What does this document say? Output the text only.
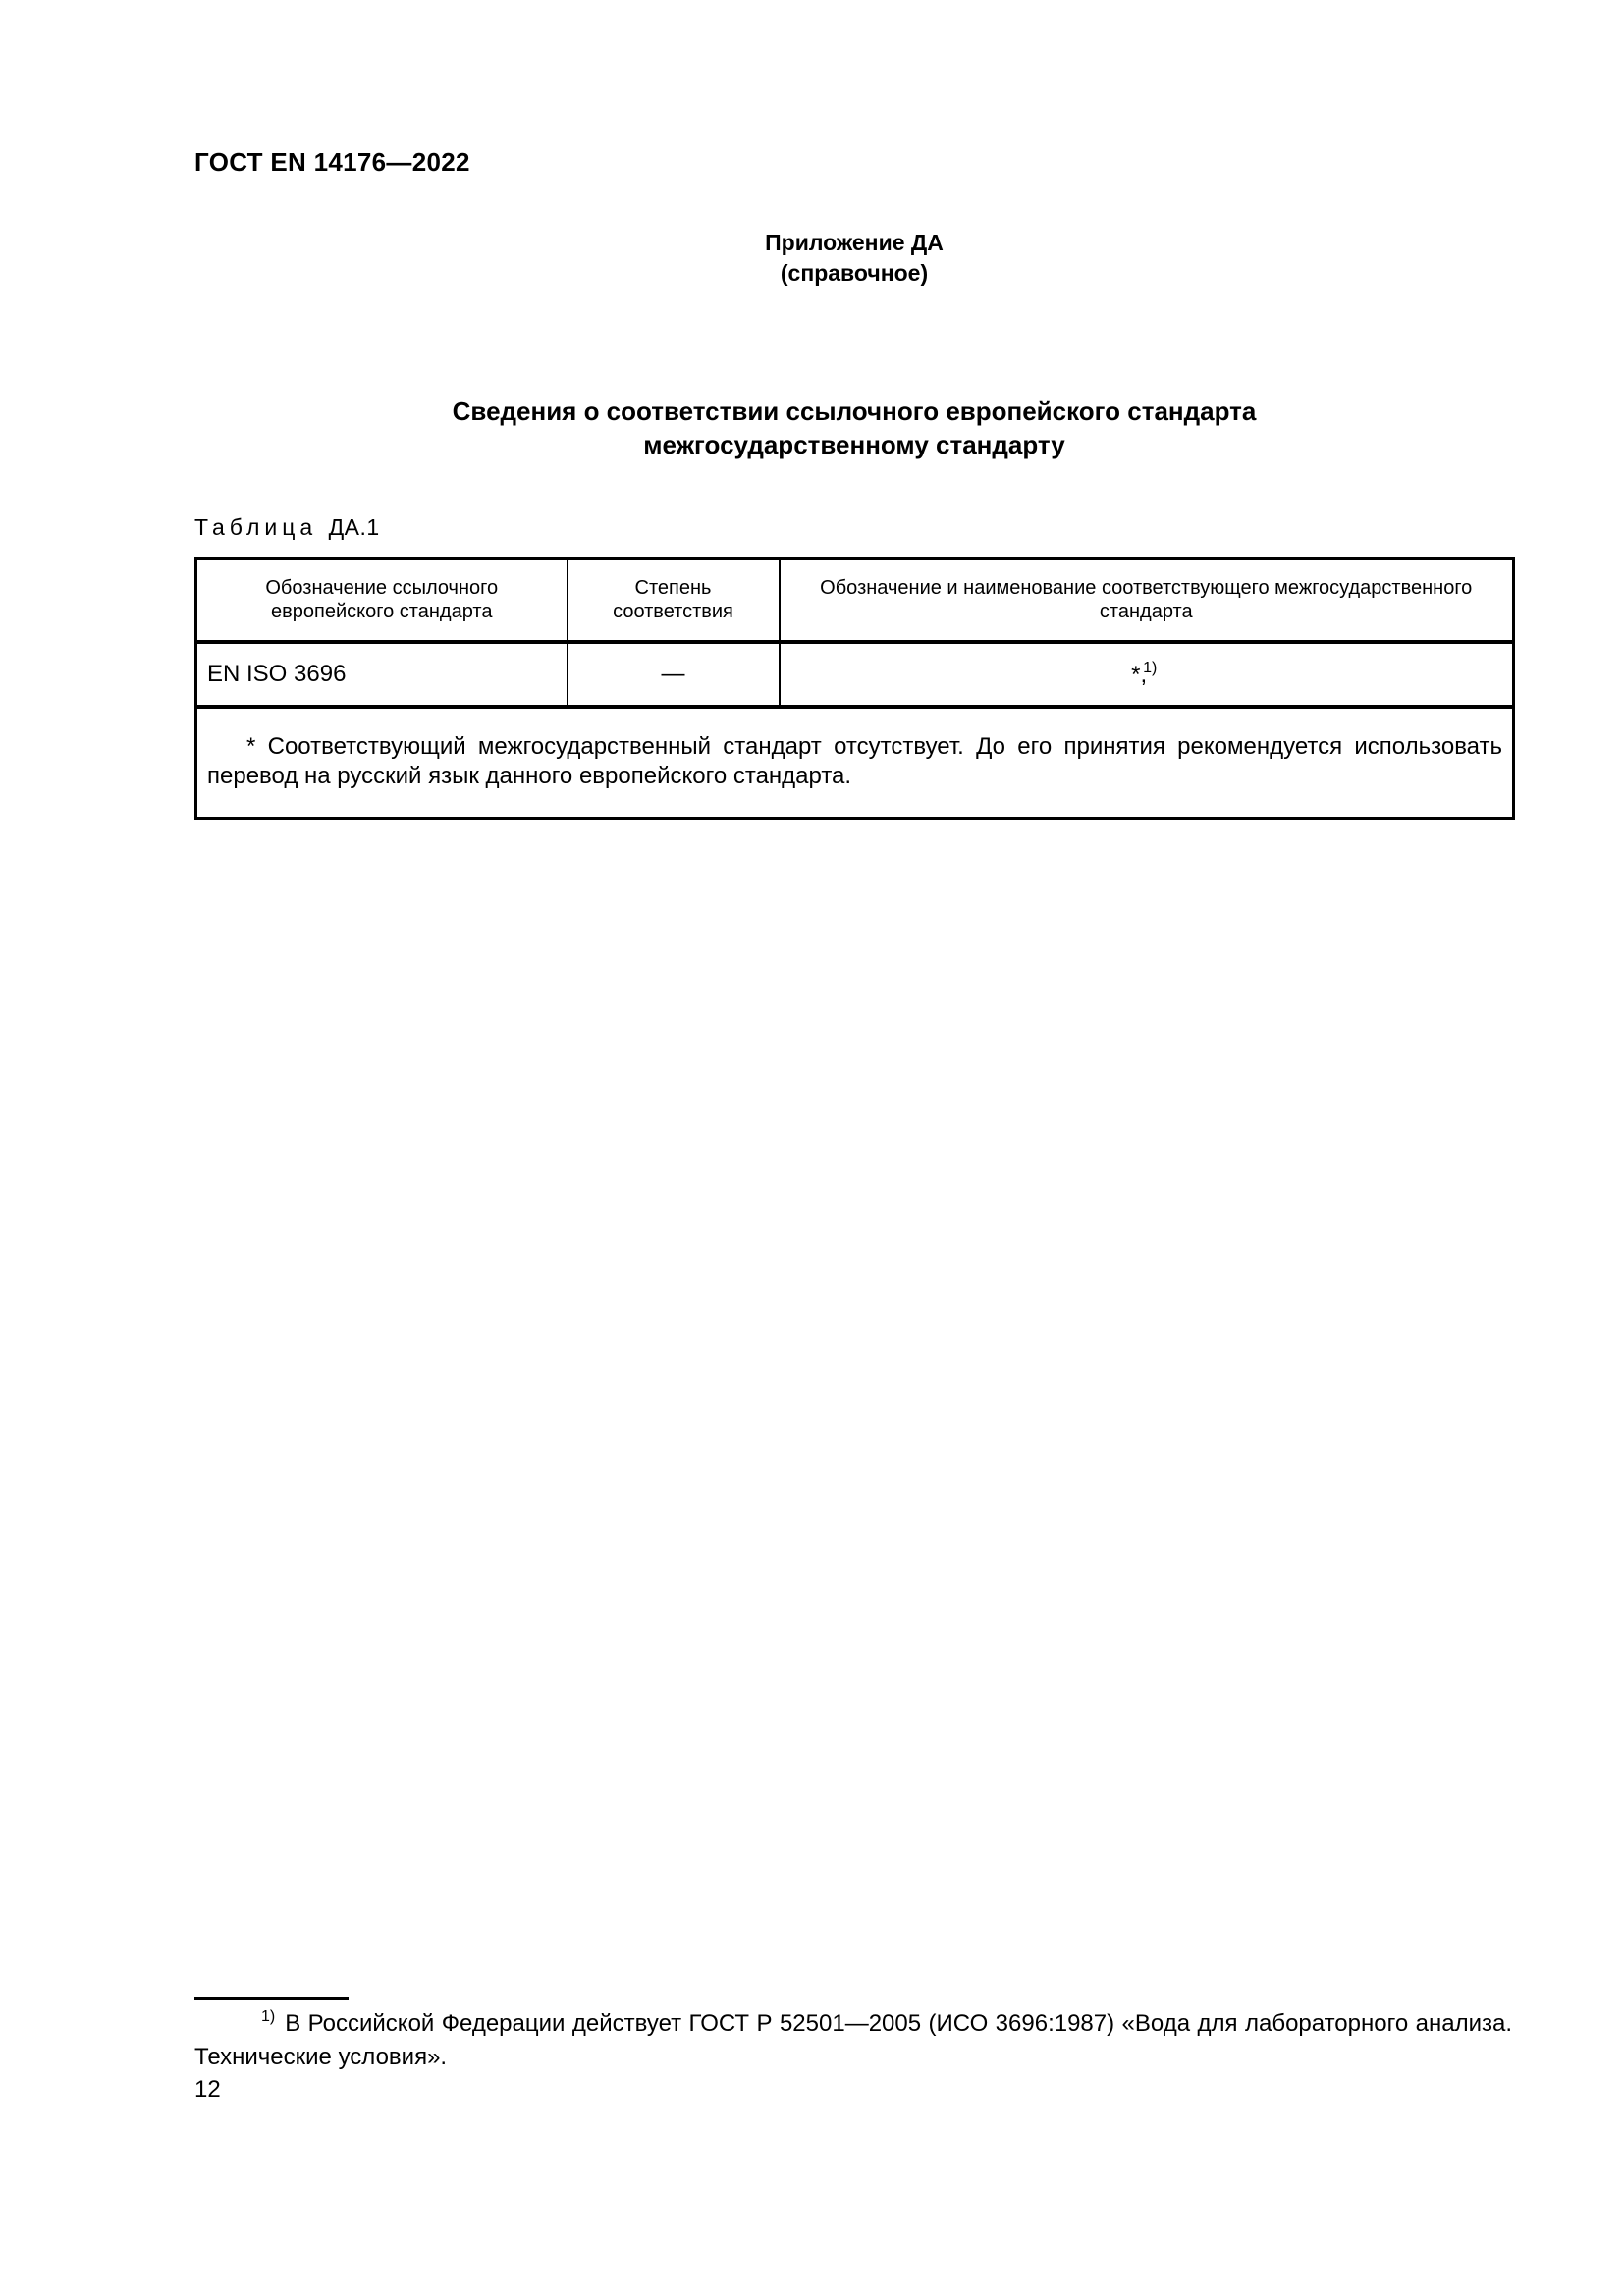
ГОСТ EN 14176—2022
Приложение ДА
(справочное)
Сведения о соответствии ссылочного европейского стандарта
межгосударственному стандарту
Таблица ДА.1
Обозначение ссылочного европейского стандарта	Степень соответствия	Обозначение и наименование соответствующего межгосударственного стандарта
EN ISO 3696	—	*,1)
* Соответствующий межгосударственный стандарт отсутствует. До его принятия рекомендуется использовать перевод на русский язык данного европейского стандарта.		
$^{1)}$ В Российской Федерации действует ГОСТ Р 52501—2005 (ИСО 3696:1987) «Вода для лабораторного анализа. Технические условия».
12
